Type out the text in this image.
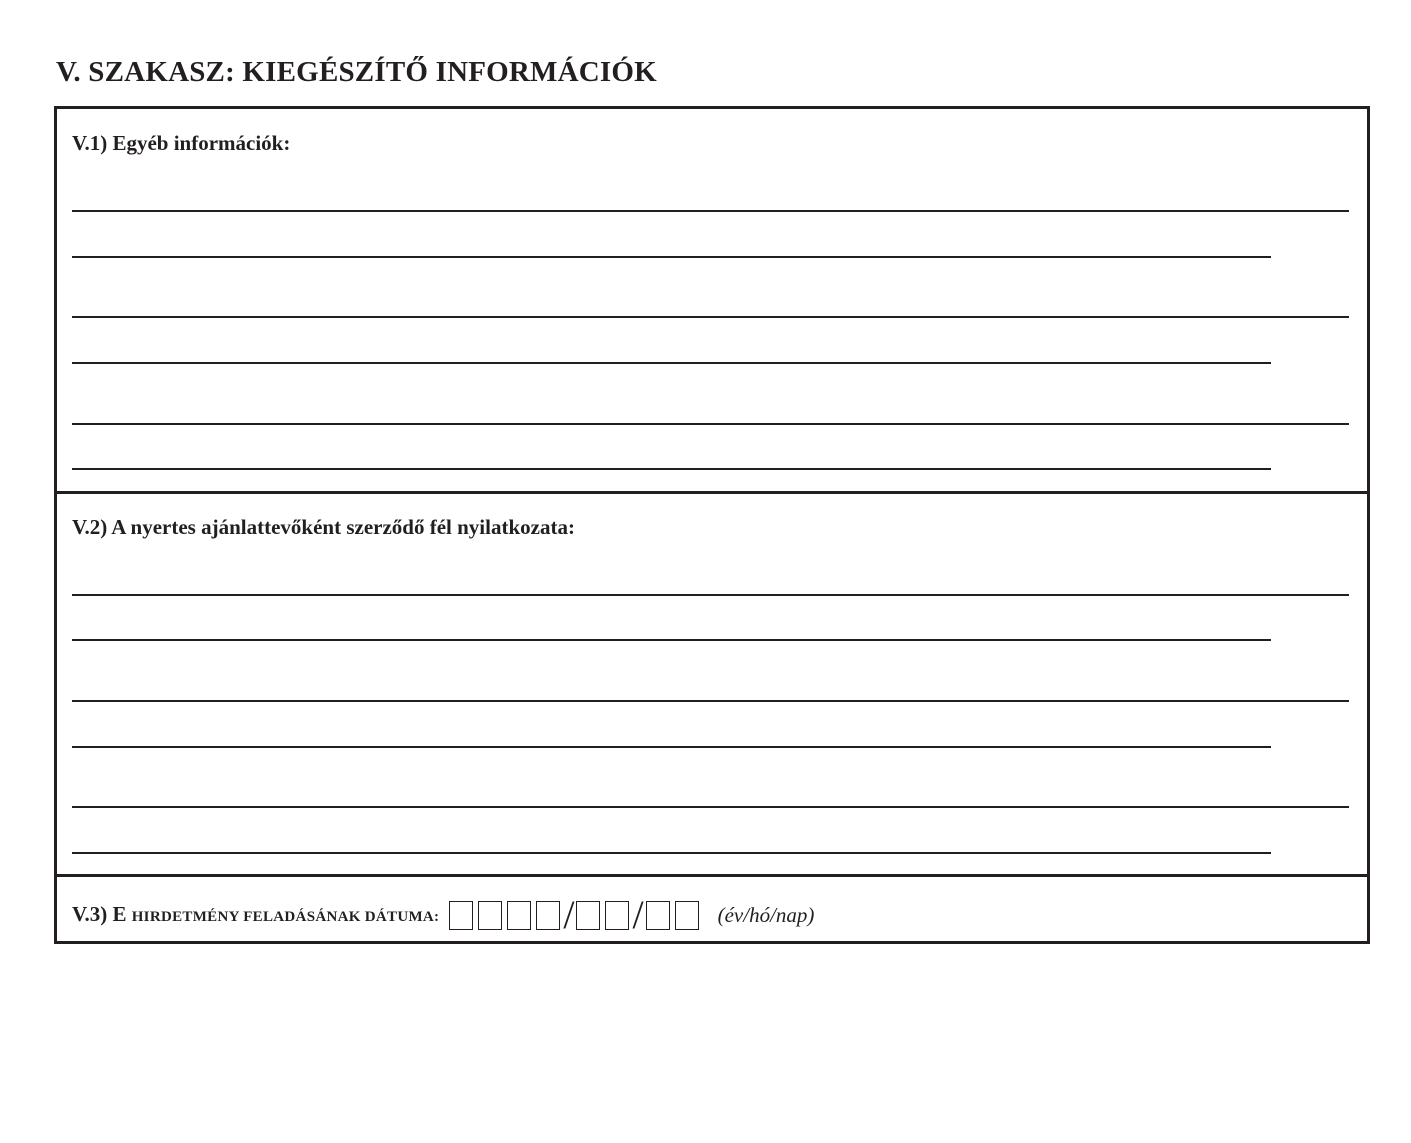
V. SZAKASZ: KIEGÉSZÍTŐ INFORMÁCIÓK
V.1) Egyéb információk:
V.2) A nyertes ajánlattevőként szerződő fél nyilatkozata:
V.3) E HIRDETMÉNY FELADÁSÁNAK DÁTUMA:	/ /	(év/hó/nap)
